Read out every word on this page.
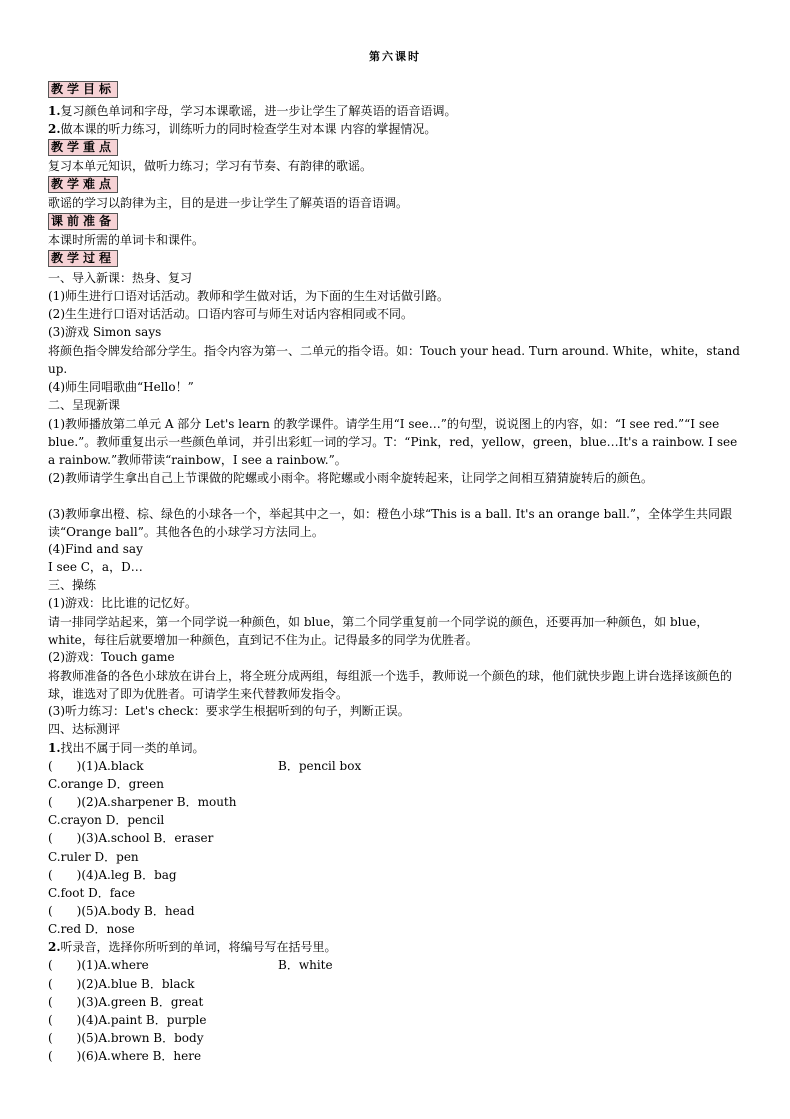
第六课时
教学目标
1.复习颜色单词和字母，学习本课歌谣，进一步让学生了解英语的语音语调。
2.做本课的听力练习，训练听力的同时检查学生对本课 内容的掌握情况。
教学重点
复习本单元知识，做听力练习；学习有节奏、有韵律的歌谣。
教学难点
歌谣的学习以韵律为主，目的是进一步让学生了解英语的语音语调。
课前准备
本课时所需的单词卡和课件。
教学过程
一、导入新课：热身、复习
(1)师生进行口语对话活动。教师和学生做对话，为下面的生生对话做引路。
(2)生生进行口语对话活动。口语内容可与师生对话内容相同或不同。
(3)游戏 Simon says
将颜色指令牌发给部分学生。指令内容为第一、二单元的指令语。如：Touch your head. Turn around. White，white，stand up.
(4)师生同唱歌曲“Hello！”
二、呈现新课
(1)教师播放第二单元 A 部分 Let's learn 的教学课件。请学生用“I see…”的句型，说说图上的内容，如：“I see red.”“I see blue.”。教师重复出示一些颜色单词，并引出彩虹一词的学习。T：“Pink，red，yellow，green，blue…It's a rainbow. I see a rainbow.”教师带读“rainbow，I see a rainbow.”。
(2)教师请学生拿出自己上节课做的陀螺或小雨伞。将陀螺或小雨伞旋转起来，让同学之间相互猜猜旋转后的颜色。
(3)教师拿出橙、棕、绿色的小球各一个，举起其中之一，如：橙色小球“This is a ball. It's an orange ball.”，全体学生共同跟读“Orange ball”。其他各色的小球学习方法同上。
(4)Find and say
I see C，a，D…
三、操练
(1)游戏：比比谁的记忆好。
请一排同学站起来，第一个同学说一种颜色，如 blue，第二个同学重复前一个同学说的颜色，还要再加一种颜色，如 blue，white，每往后就要增加一种颜色，直到记不住为止。记得最多的同学为优胜者。
(2)游戏：Touch game
将教师准备的各色小球放在讲台上，将全班分成两组，每组派一个选手，教师说一个颜色的球，他们就快步跑上讲台选择该颜色的球，谁选对了即为优胜者。可请学生来代替教师发指令。
(3)听力练习：Let's check：要求学生根据听到的句子，判断正误。
四、达标测评
1.找出不属于同一类的单词。
(　　)(1)A.black	B．pencil box
C.orange D．green
(　　)(2)A.sharpener B．mouth
C.crayon D．pencil
(　　)(3)A.school B．eraser
C.ruler D．pen
(　　)(4)A.leg B．bag
C.foot D．face
(　　)(5)A.body B．head
C.red D．nose
2.听录音，选择你所听到的单词，将编号写在括号里。
(　　)(1)A.where	B．white
(　　)(2)A.blue B．black
(　　)(3)A.green B．great
(　　)(4)A.paint B．purple
(　　)(5)A.brown B．body
(　　)(6)A.where B．here
